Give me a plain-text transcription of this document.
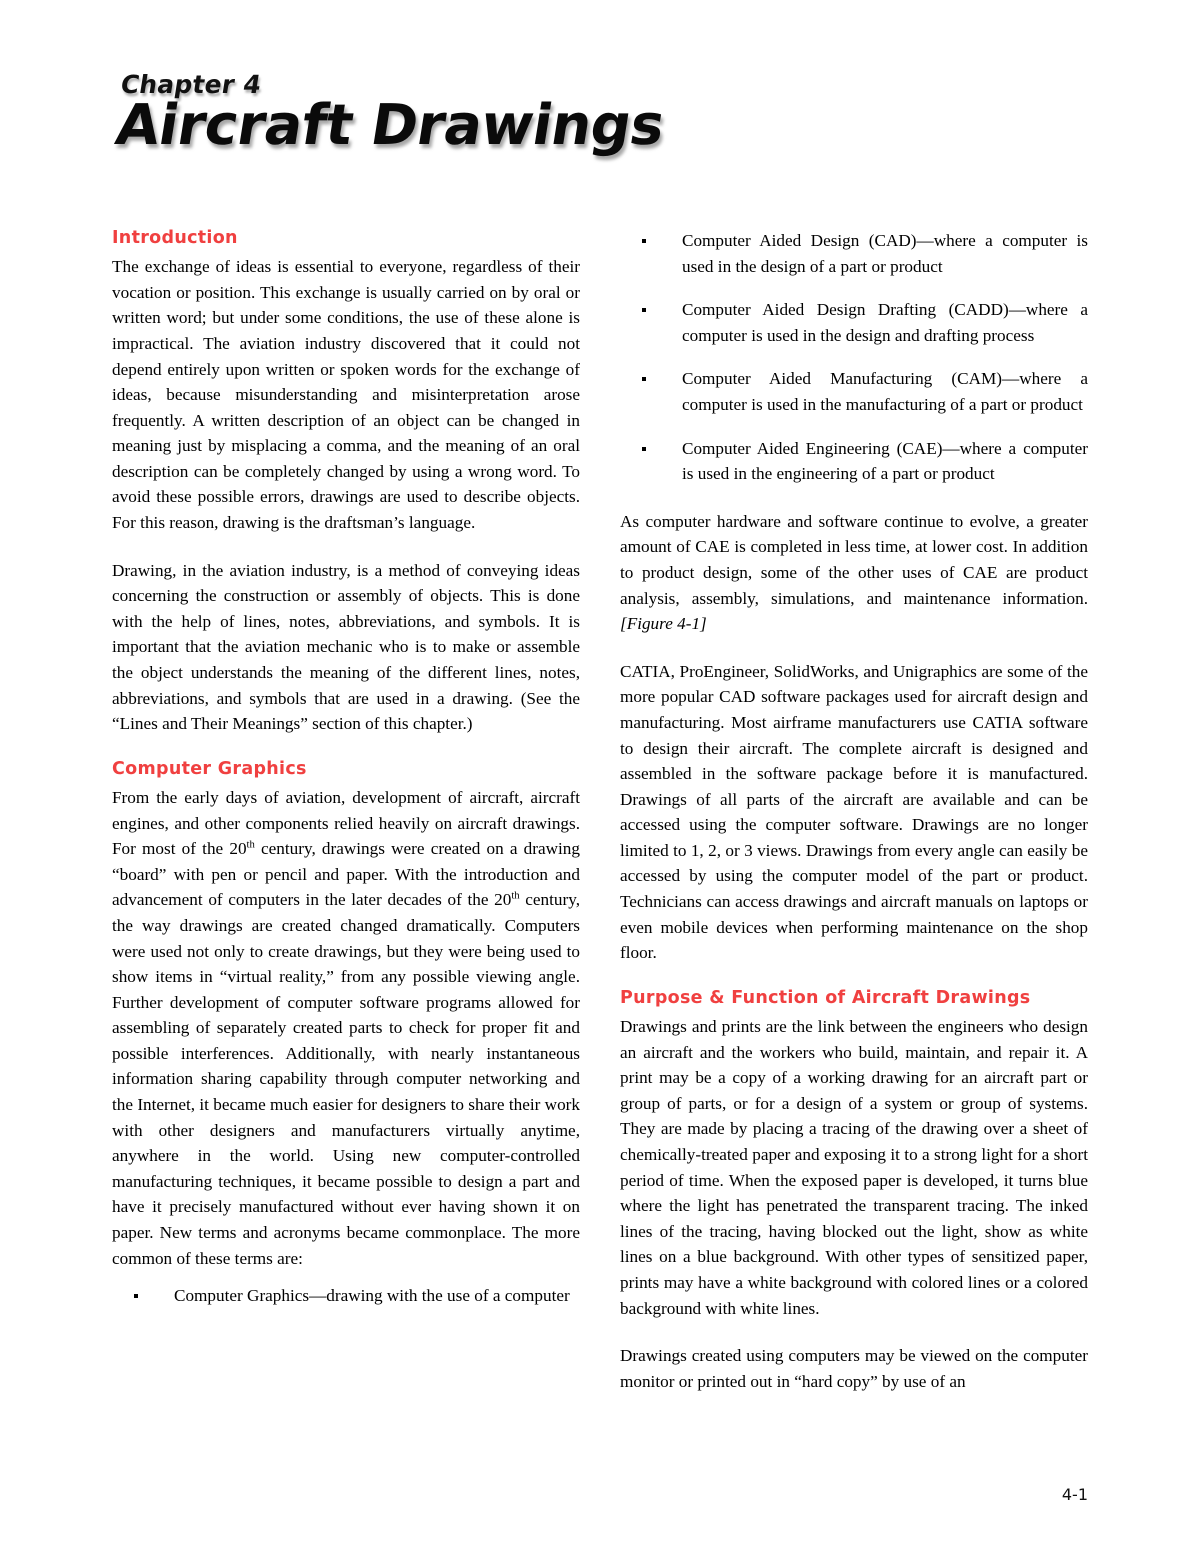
Chapter 4
Aircraft Drawings
Introduction

The exchange of ideas is essential to everyone, regardless of their vocation or position. This exchange is usually carried on by oral or written word; but under some conditions, the use of these alone is impractical. The aviation industry discovered that it could not depend entirely upon written or spoken words for the exchange of ideas, because misunderstanding and misinterpretation arose frequently. A written description of an object can be changed in meaning just by misplacing a comma, and the meaning of an oral description can be completely changed by using a wrong word. To avoid these possible errors, drawings are used to describe objects. For this reason, drawing is the draftsman’s language.

Drawing, in the aviation industry, is a method of conveying ideas concerning the construction or assembly of objects. This is done with the help of lines, notes, abbreviations, and symbols. It is important that the aviation mechanic who is to make or assemble the object understands the meaning of the different lines, notes, abbreviations, and symbols that are used in a drawing. (See the “Lines and Their Meanings” section of this chapter.)

Computer Graphics

From the early days of aviation, development of aircraft, aircraft engines, and other components relied heavily on aircraft drawings. For most of the 20th century, drawings were created on a drawing “board” with pen or pencil and paper. With the introduction and advancement of computers in the later decades of the 20th century, the way drawings are created changed dramatically. Computers were used not only to create drawings, but they were being used to show items in “virtual reality,” from any possible viewing angle. Further development of computer software programs allowed for assembling of separately created parts to check for proper fit and possible interferences. Additionally, with nearly instantaneous information sharing capability through computer networking and the Internet, it became much easier for designers to share their work with other designers and manufacturers virtually anytime, anywhere in the world. Using new computer-controlled manufacturing techniques, it became possible to design a part and have it precisely manufactured without ever having shown it on paper. New terms and acronyms became commonplace. The more common of these terms are:

Computer Graphics—drawing with the use of a computer
Computer Aided Design (CAD)—where a computer is used in the design of a part or product
Computer Aided Design Drafting (CADD)—where a computer is used in the design and drafting process
Computer Aided Manufacturing (CAM)—where a computer is used in the manufacturing of a part or product
Computer Aided Engineering (CAE)—where a computer is used in the engineering of a part or product

As computer hardware and software continue to evolve, a greater amount of CAE is completed in less time, at lower cost. In addition to product design, some of the other uses of CAE are product analysis, assembly, simulations, and maintenance information. [Figure 4-1]

CATIA, ProEngineer, SolidWorks, and Unigraphics are some of the more popular CAD software packages used for aircraft design and manufacturing. Most airframe manufacturers use CATIA software to design their aircraft. The complete aircraft is designed and assembled in the software package before it is manufactured. Drawings of all parts of the aircraft are available and can be accessed using the computer software. Drawings are no longer limited to 1, 2, or 3 views. Drawings from every angle can easily be accessed by using the computer model of the part or product. Technicians can access drawings and aircraft manuals on laptops or even mobile devices when performing maintenance on the shop floor.

Purpose & Function of Aircraft Drawings

Drawings and prints are the link between the engineers who design an aircraft and the workers who build, maintain, and repair it. A print may be a copy of a working drawing for an aircraft part or group of parts, or for a design of a system or group of systems. They are made by placing a tracing of the drawing over a sheet of chemically-treated paper and exposing it to a strong light for a short period of time. When the exposed paper is developed, it turns blue where the light has penetrated the transparent tracing. The inked lines of the tracing, having blocked out the light, show as white lines on a blue background. With other types of sensitized paper, prints may have a white background with colored lines or a colored background with white lines.

Drawings created using computers may be viewed on the computer monitor or printed out in “hard copy” by use of an

4-1
